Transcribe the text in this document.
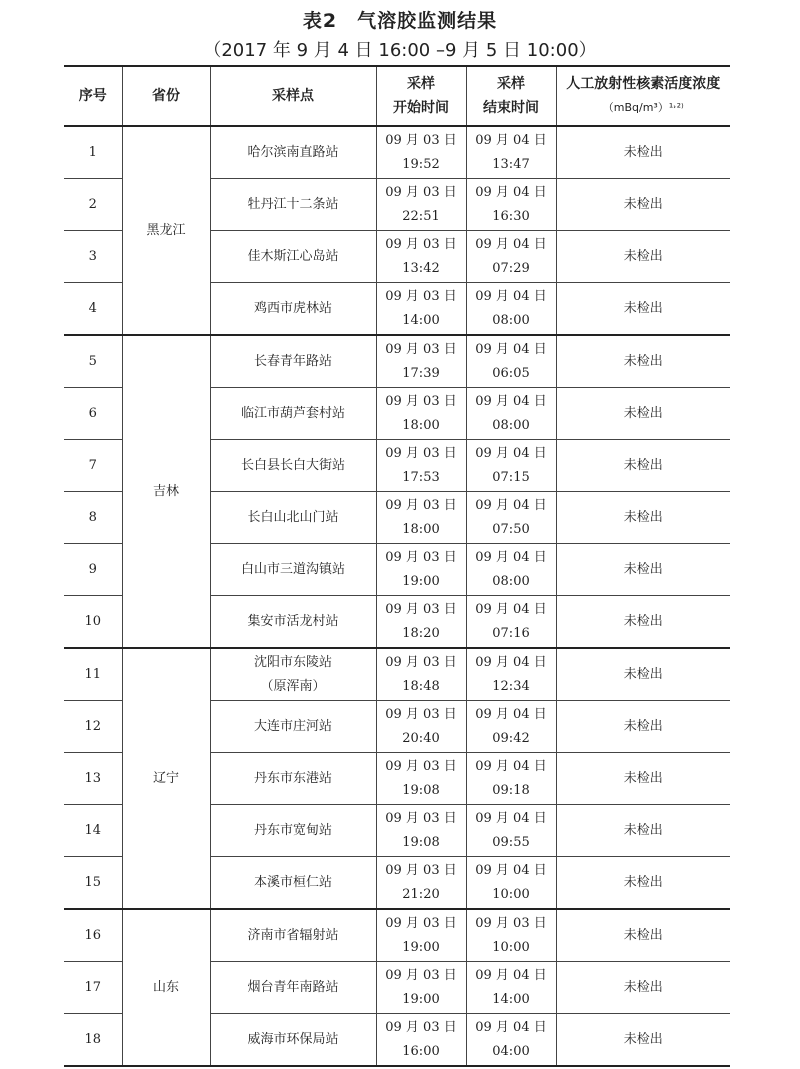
表2　气溶胶监测结果
（2017 年 9 月 4 日 16:00 –9 月 5 日 10:00）
序号	省份	采样点	采样
开始时间	采样
结束时间	人工放射性核素活度浓度
（mBq/m³）¹˒²⁾

1	黑龙江	哈尔滨南直路站	09 月 03 日
19:52	09 月 04 日
13:47	未检出
2		牡丹江十二条站	09 月 03 日
22:51	09 月 04 日
16:30	未检出
3		佳木斯江心岛站	09 月 03 日
13:42	09 月 04 日
07:29	未检出
4		鸡西市虎林站	09 月 03 日
14:00	09 月 04 日
08:00	未检出
5	吉林	长春青年路站	09 月 03 日
17:39	09 月 04 日
06:05	未检出
6		临江市葫芦套村站	09 月 03 日
18:00	09 月 04 日
08:00	未检出
7		长白县长白大街站	09 月 03 日
17:53	09 月 04 日
07:15	未检出
8		长白山北山门站	09 月 03 日
18:00	09 月 04 日
07:50	未检出
9		白山市三道沟镇站	09 月 03 日
19:00	09 月 04 日
08:00	未检出
10		集安市活龙村站	09 月 03 日
18:20	09 月 04 日
07:16	未检出
11	辽宁	沈阳市东陵站
（原浑南）	09 月 03 日
18:48	09 月 04 日
12:34	未检出
12		大连市庄河站	09 月 03 日
20:40	09 月 04 日
09:42	未检出
13		丹东市东港站	09 月 03 日
19:08	09 月 04 日
09:18	未检出
14		丹东市宽甸站	09 月 03 日
19:08	09 月 04 日
09:55	未检出
15		本溪市桓仁站	09 月 03 日
21:20	09 月 04 日
10:00	未检出
16	山东	济南市省辐射站	09 月 03 日
19:00	09 月 03 日
10:00	未检出
17		烟台青年南路站	09 月 03 日
19:00	09 月 04 日
14:00	未检出
18		威海市环保局站	09 月 03 日
16:00	09 月 04 日
04:00	未检出
